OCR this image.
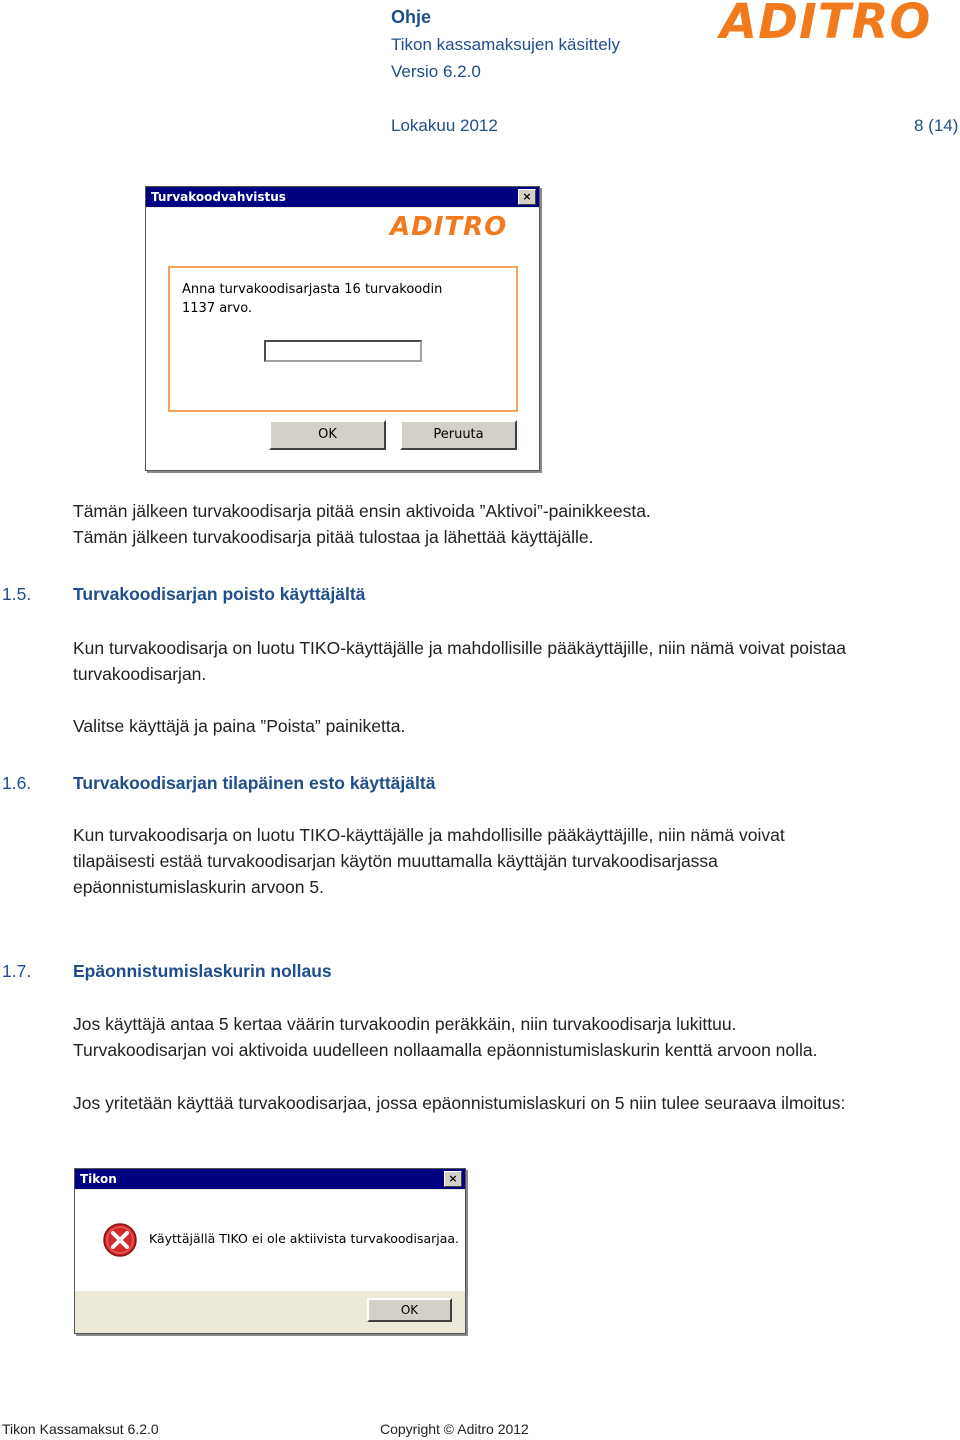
Ohje
Tikon kassamaksujen käsittely
Versio 6.2.0
Lokakuu 2012	8 (14)
ADITRO
Turvakoodvahvistus	×
ADITRO
Anna turvakoodisarjasta 16 turvakoodin
1137 arvo.
OK	Peruuta
Tämän jälkeen turvakoodisarja pitää ensin aktivoida ”Aktivoi”-painikkeesta.
Tämän jälkeen turvakoodisarja pitää tulostaa ja lähettää käyttäjälle.
1.5. Turvakoodisarjan poisto käyttäjältä
Kun turvakoodisarja on luotu TIKO-käyttäjälle ja mahdollisille pääkäyttäjille, niin nämä voivat poistaa
turvakoodisarjan.
Valitse käyttäjä ja paina ”Poista” painiketta.
1.6. Turvakoodisarjan tilapäinen esto käyttäjältä
Kun turvakoodisarja on luotu TIKO-käyttäjälle ja mahdollisille pääkäyttäjille, niin nämä voivat
tilapäisesti estää turvakoodisarjan käytön muuttamalla käyttäjän turvakoodisarjassa
epäonnistumislaskurin arvoon 5.
1.7. Epäonnistumislaskurin nollaus
Jos käyttäjä antaa 5 kertaa väärin turvakoodin peräkkäin, niin turvakoodisarja lukittuu.
Turvakoodisarjan voi aktivoida uudelleen nollaamalla epäonnistumislaskurin kenttä arvoon nolla.
Jos yritetään käyttää turvakoodisarjaa, jossa epäonnistumislaskuri on 5 niin tulee seuraava ilmoitus:
Tikon	×
Käyttäjällä TIKO ei ole aktiivista turvakoodisarjaa.
OK
Tikon Kassamaksut 6.2.0	Copyright © Aditro 2012
